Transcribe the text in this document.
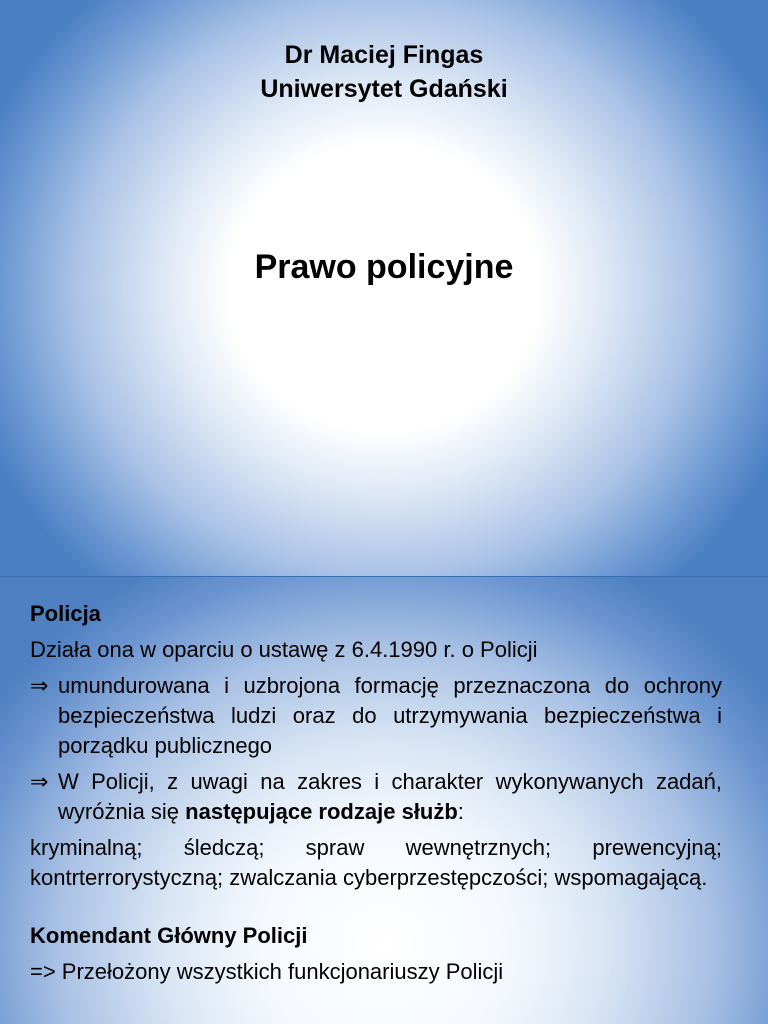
Dr Maciej Fingas
Uniwersytet Gdański
Prawo policyjne
Policja
Działa ona w oparciu o ustawę z 6.4.1990 r. o Policji
⇒ umundurowana i uzbrojona formację przeznaczona do ochrony bezpieczeństwa ludzi oraz do utrzymywania bezpieczeństwa i porządku publicznego
⇒ W Policji, z uwagi na zakres i charakter wykonywanych zadań, wyróżnia się następujące rodzaje służb:
kryminalną; śledczą; spraw wewnętrznych; prewencyjną; kontrterrorystyczną; zwalczania cyberprzestępczości; wspomagającą.
Komendant Główny Policji
=> Przełożony wszystkich funkcjonariuszy Policji
